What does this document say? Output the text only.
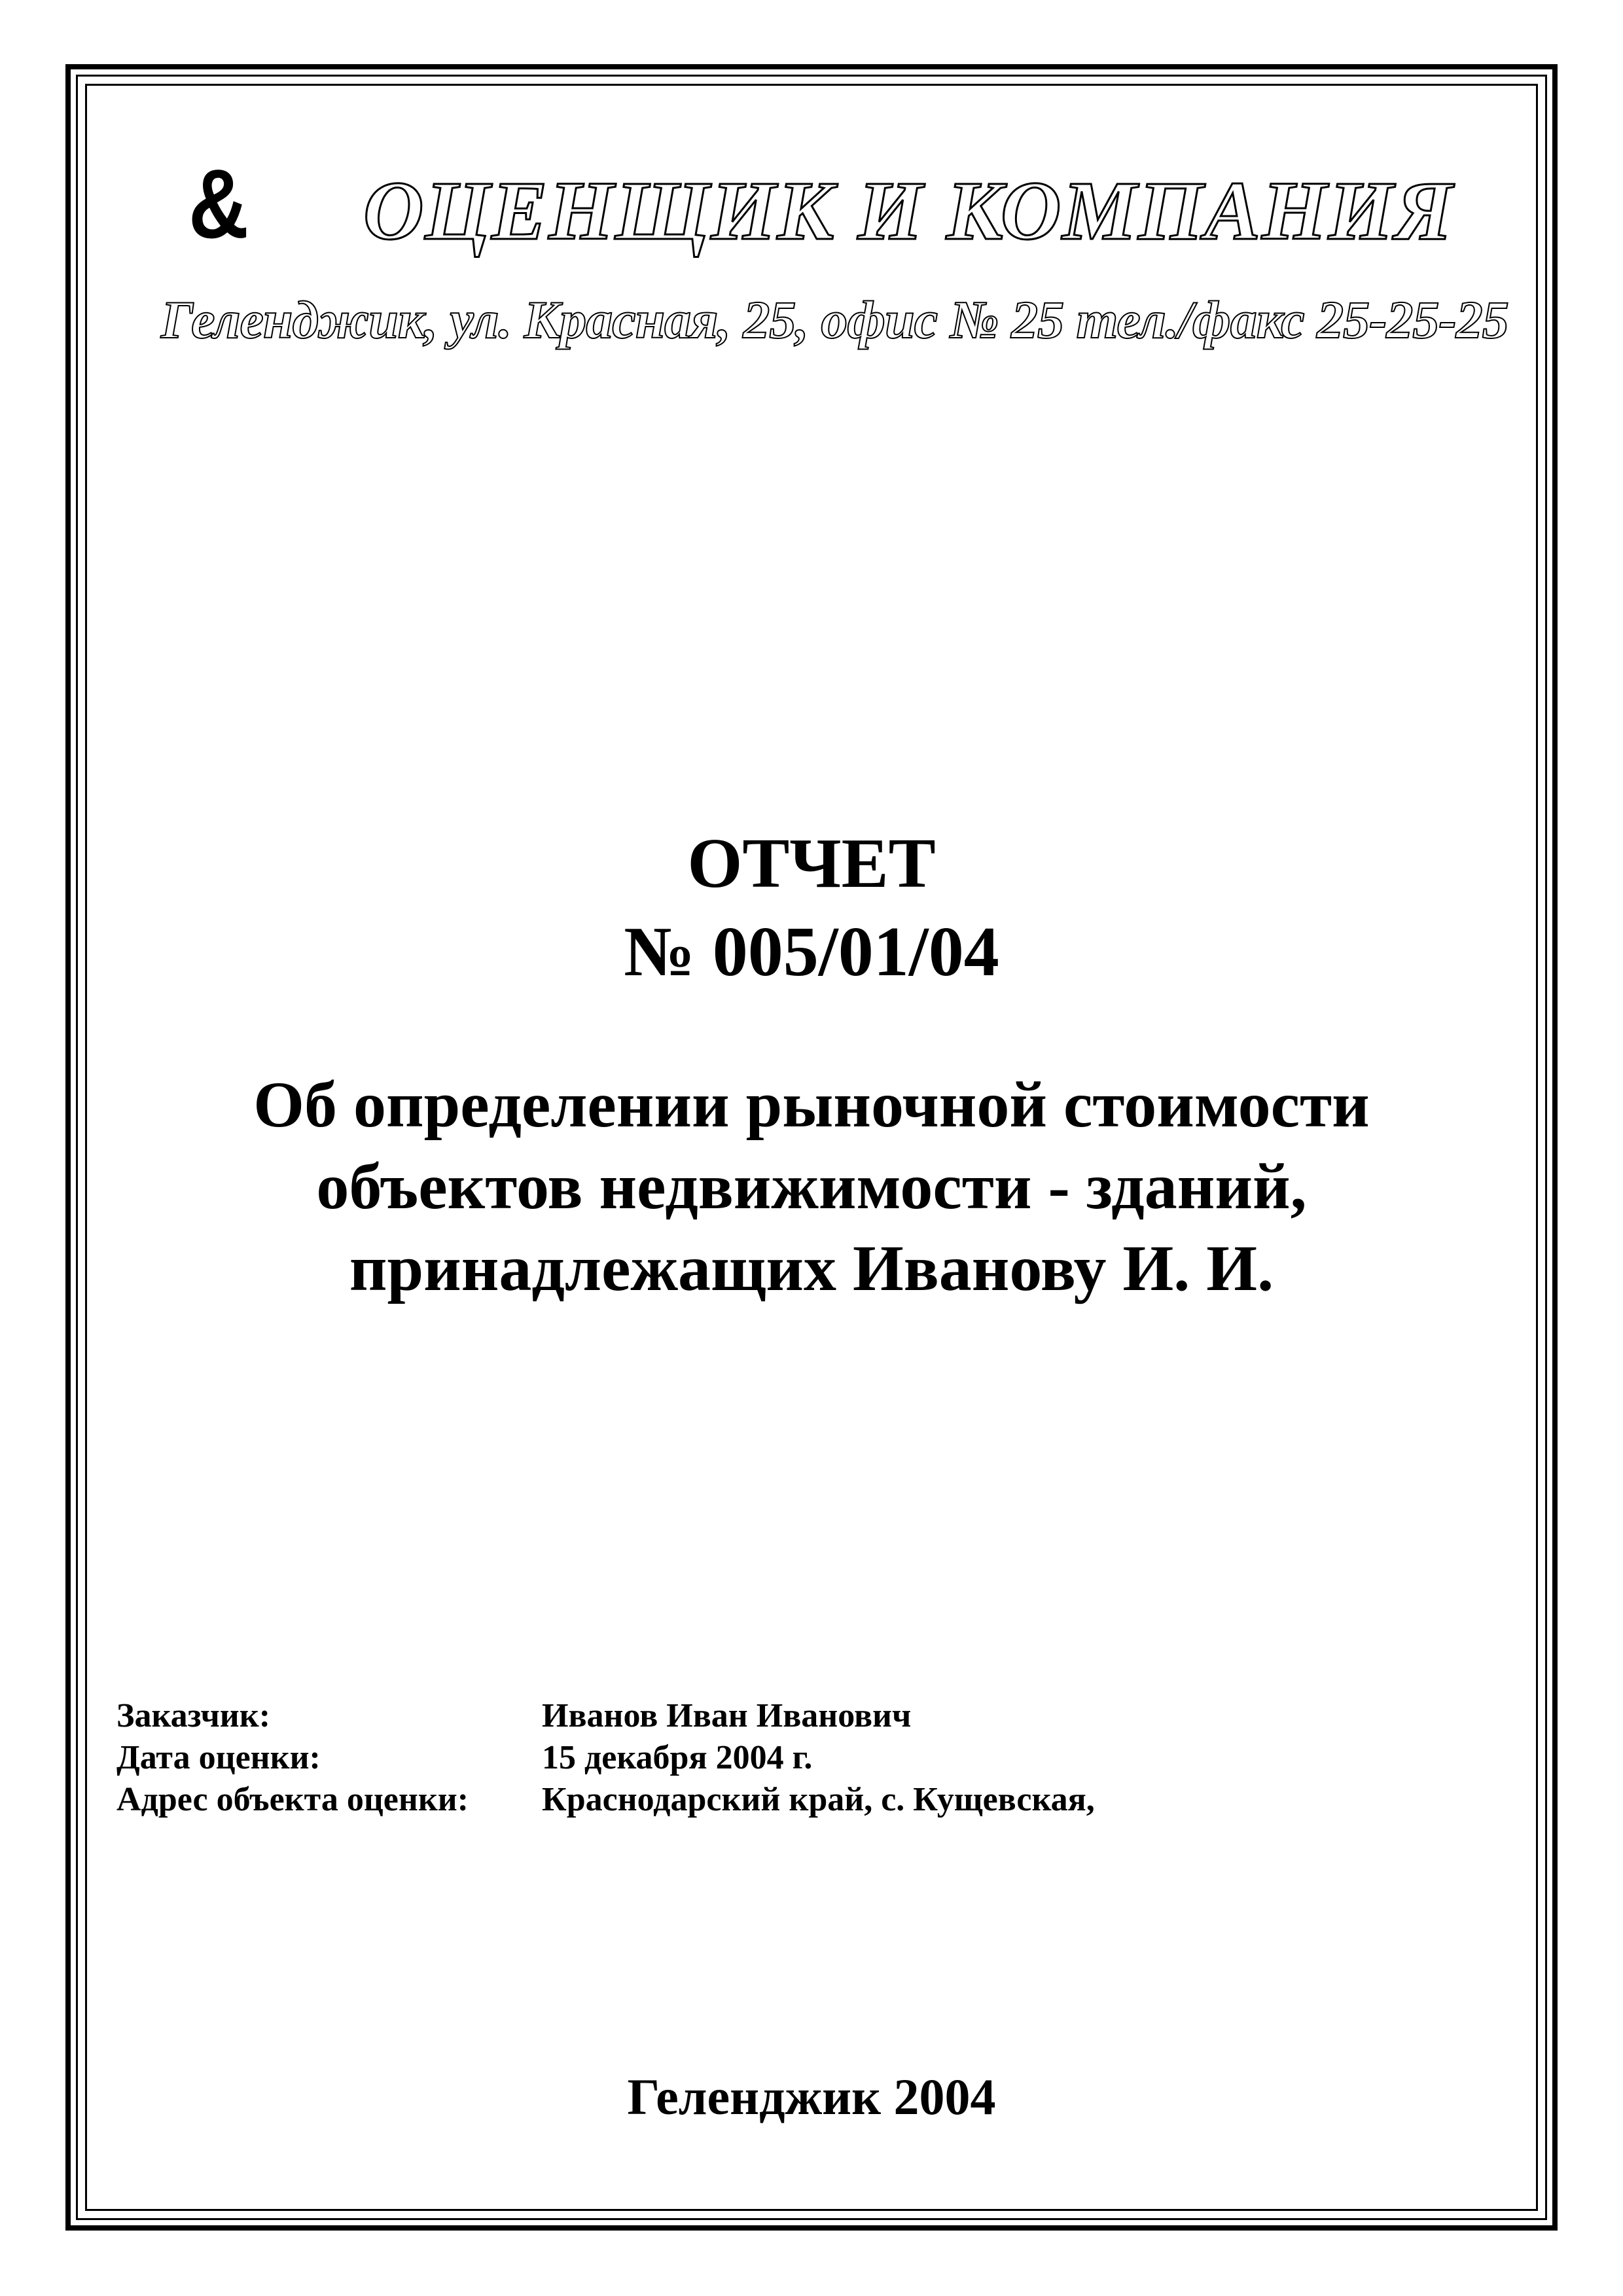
& ОЦЕНЩИК И КОМПАНИЯ
Геленджик, ул. Красная, 25, офис № 25 тел./факс 25-25-25
ОТЧЕТ
№ 005/01/04
Об определении рыночной стоимости
объектов недвижимости - зданий,
принадлежащих Иванову И. И.
Заказчик:	Иванов Иван Иванович
Дата оценки:	15 декабря 2004 г.
Адрес объекта оценки:	Краснодарский край, с. Кущевская,
Геленджик 2004
